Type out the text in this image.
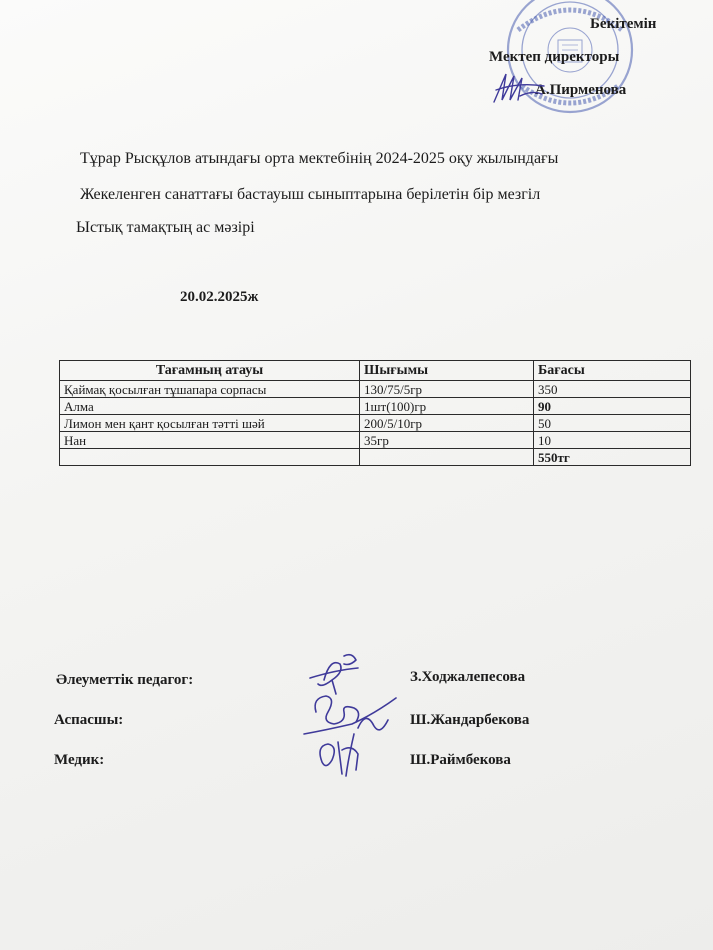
Бекітемін
Мектеп директоры
А.Пирменова
Тұрар Рысқұлов атындағы орта мектебінің 2024-2025 оқу жылындағы
Жекеленген санаттағы бастауыш сыныптарына берілетін бір мезгіл
Ыстық тамақтың ас мәзірі
20.02.2025ж
Тағамның атауы	Шығымы	Бағасы
Қаймақ қосылған тұшапара сорпасы	130/75/5гр	350
Алма	1шт(100)гр	90
Лимон мен қант қосылған тәтті шәй	200/5/10гр	50
Нан	35гр	10
		550тг
Әлеуметтік педагог:
Аспасшы:
Медик:
З.Ходжалепесова
Ш.Жандарбекова
Ш.Раймбекова
